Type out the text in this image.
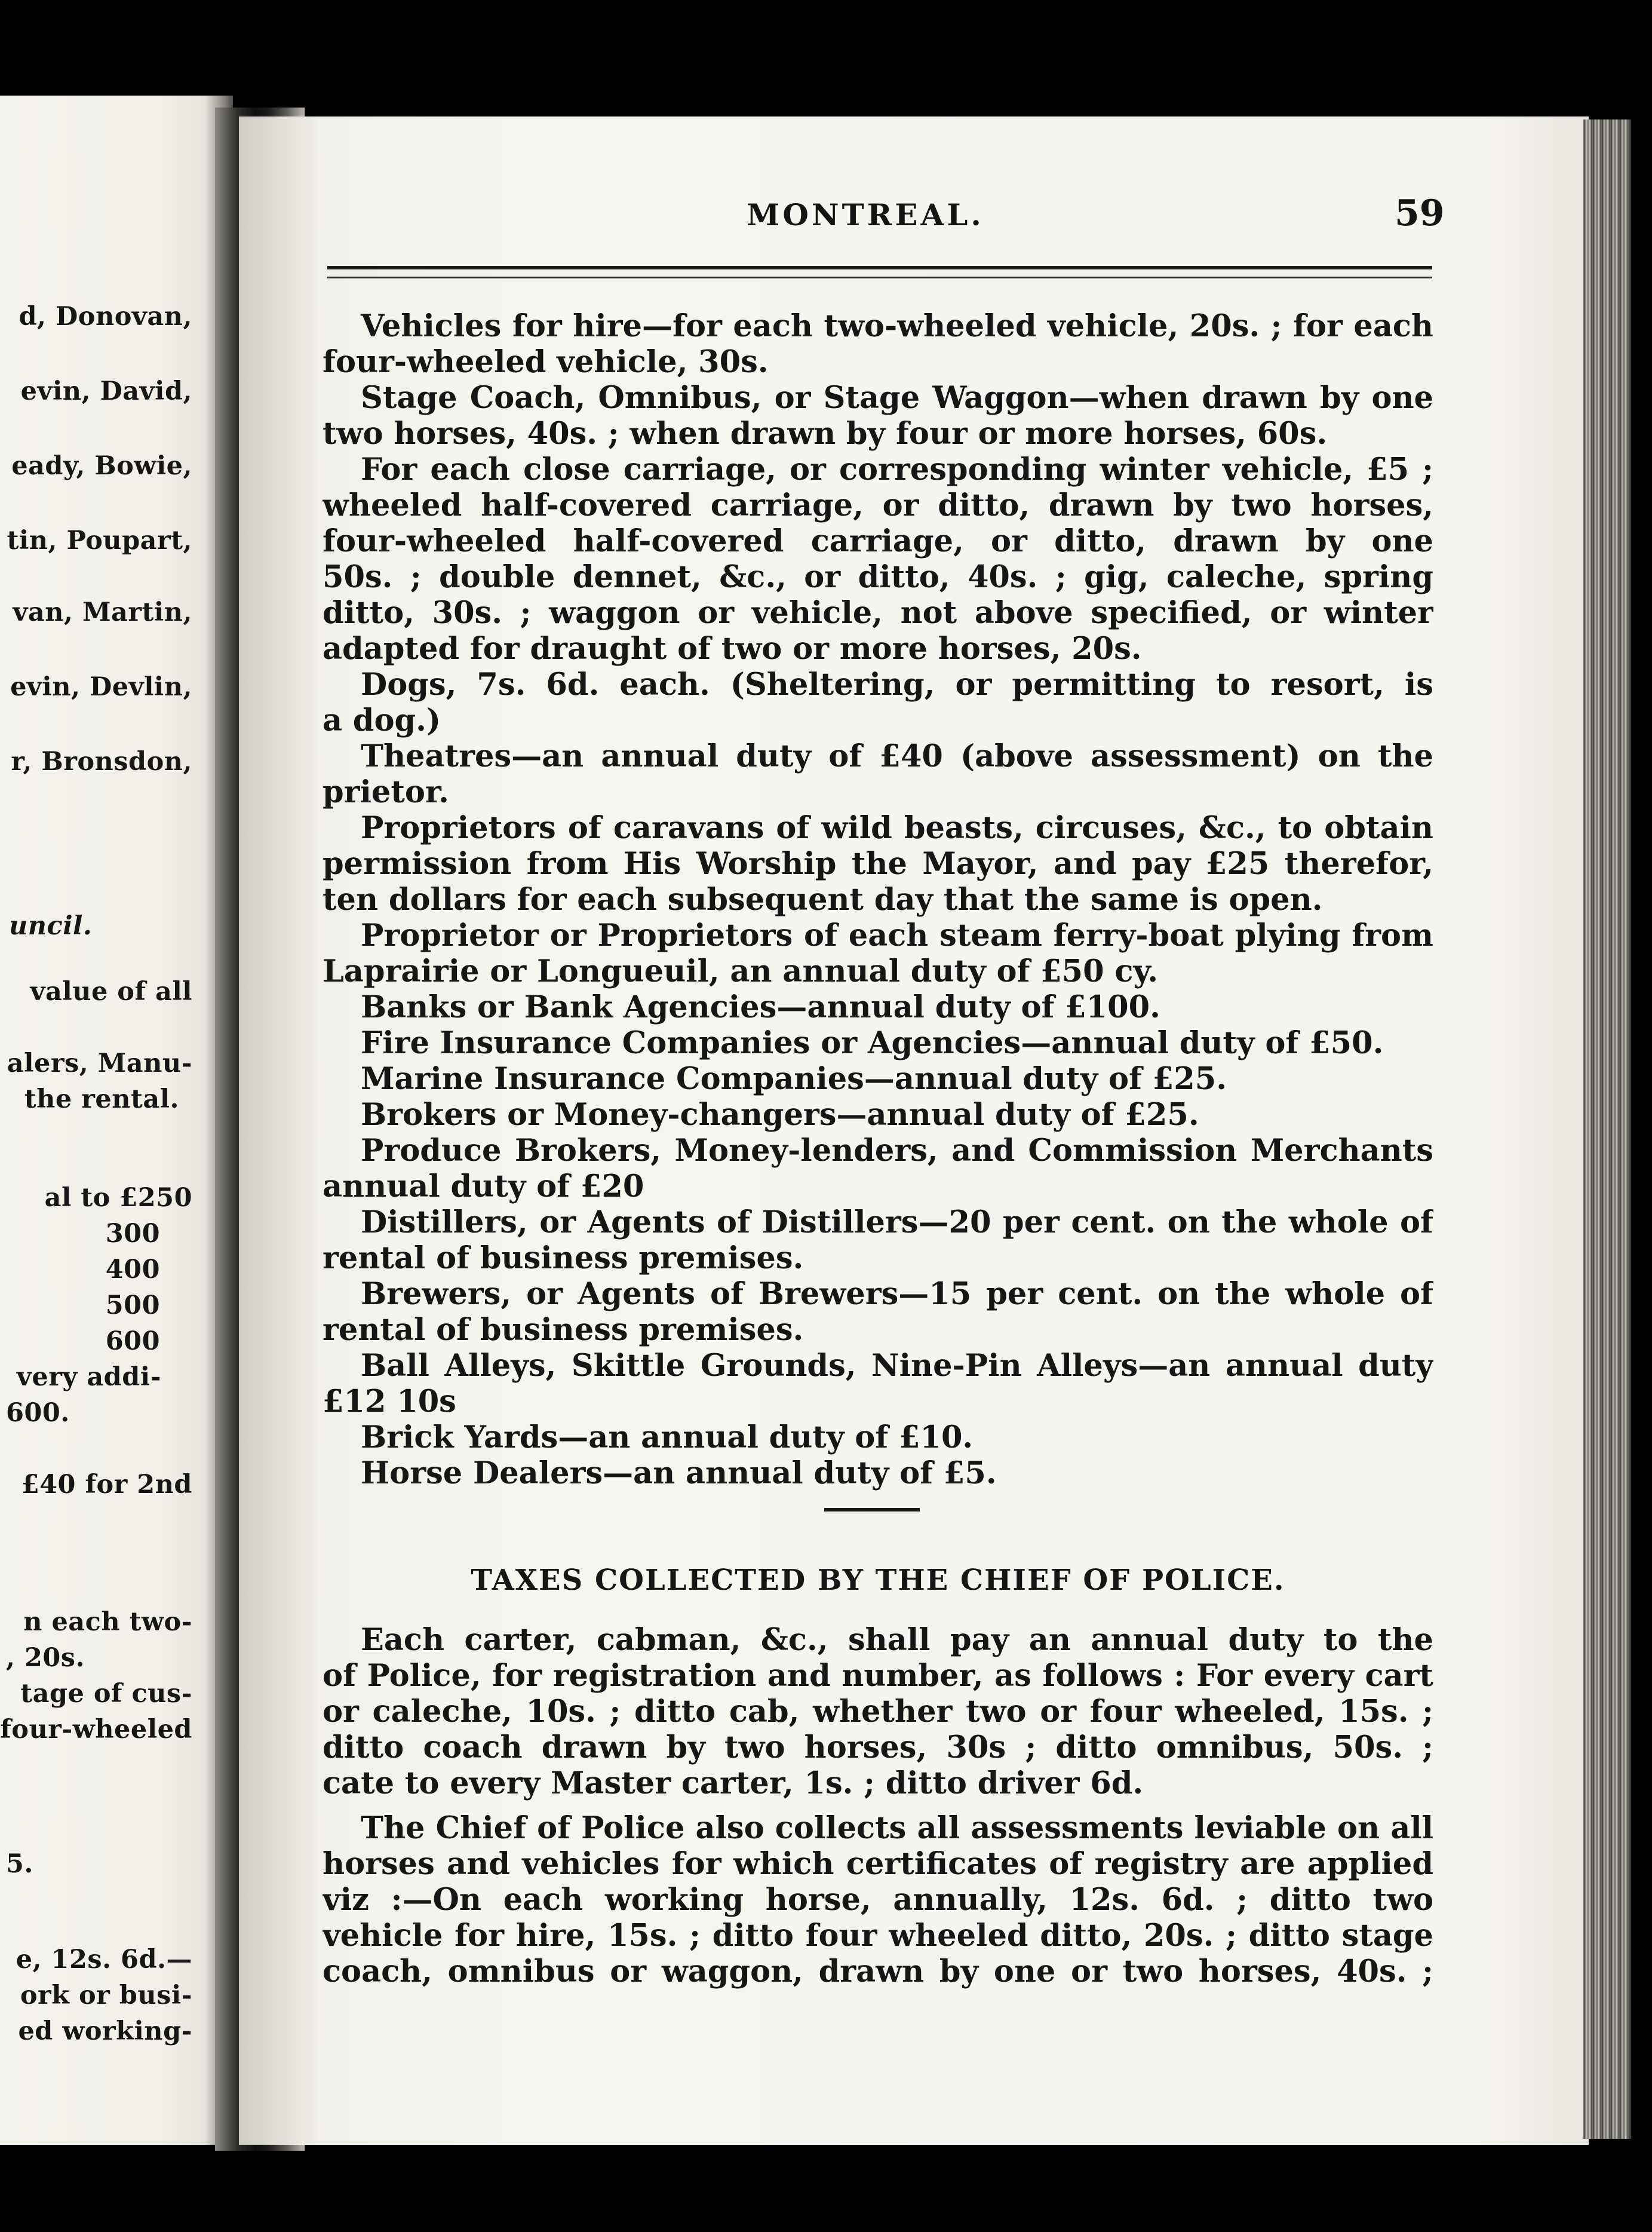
d, Donovan,
evin, David,
eady, Bowie,
tin, Poupart,
van, Martin,
evin, Devlin,
r, Bronsdon,
uncil.
value of all
alers, Manu-
the rental.
al to £250
300
400
500
600
very addi-
600.
£40 for 2nd
n each two-
, 20s.
tage of cus-
four-wheeled
5.
e, 12s. 6d.—
ork or busi-
ed working-
MONTREAL.	59
Vehicles for hire—for each two-wheeled vehicle, 20s. ; for each
four-wheeled vehicle, 30s.
Stage Coach, Omnibus, or Stage Waggon—when drawn by one
two horses, 40s. ; when drawn by four or more horses, 60s.
For each close carriage, or corresponding winter vehicle, £5 ;
wheeled half-covered carriage, or ditto, drawn by two horses,
four-wheeled half-covered carriage, or ditto, drawn by one
50s. ; double dennet, &c., or ditto, 40s. ; gig, caleche, spring
ditto, 30s. ; waggon or vehicle, not above specified, or winter
adapted for draught of two or more horses, 20s.
Dogs, 7s. 6d. each. (Sheltering, or permitting to resort, is
a dog.)
Theatres—an annual duty of £40 (above assessment) on the
prietor.
Proprietors of caravans of wild beasts, circuses, &c., to obtain
permission from His Worship the Mayor, and pay £25 therefor,
ten dollars for each subsequent day that the same is open.
Proprietor or Proprietors of each steam ferry-boat plying from
Laprairie or Longueuil, an annual duty of £50 cy.
Banks or Bank Agencies—annual duty of £100.
Fire Insurance Companies or Agencies—annual duty of £50.
Marine Insurance Companies—annual duty of £25.
Brokers or Money-changers—annual duty of £25.
Produce Brokers, Money-lenders, and Commission Merchants
annual duty of £20
Distillers, or Agents of Distillers—20 per cent. on the whole of
rental of business premises.
Brewers, or Agents of Brewers—15 per cent. on the whole of
rental of business premises.
Ball Alleys, Skittle Grounds, Nine-Pin Alleys—an annual duty
£12 10s
Brick Yards—an annual duty of £10.
Horse Dealers—an annual duty of £5.
TAXES COLLECTED BY THE CHIEF OF POLICE.
Each carter, cabman, &c., shall pay an annual duty to the
of Police, for registration and number, as follows : For every cart
or caleche, 10s. ; ditto cab, whether two or four wheeled, 15s. ;
ditto coach drawn by two horses, 30s ; ditto omnibus, 50s. ;
cate to every Master carter, 1s. ; ditto driver 6d.
The Chief of Police also collects all assessments leviable on all
horses and vehicles for which certificates of registry are applied
viz :—On each working horse, annually, 12s. 6d. ; ditto two
vehicle for hire, 15s. ; ditto four wheeled ditto, 20s. ; ditto stage
coach, omnibus or waggon, drawn by one or two horses, 40s. ;
